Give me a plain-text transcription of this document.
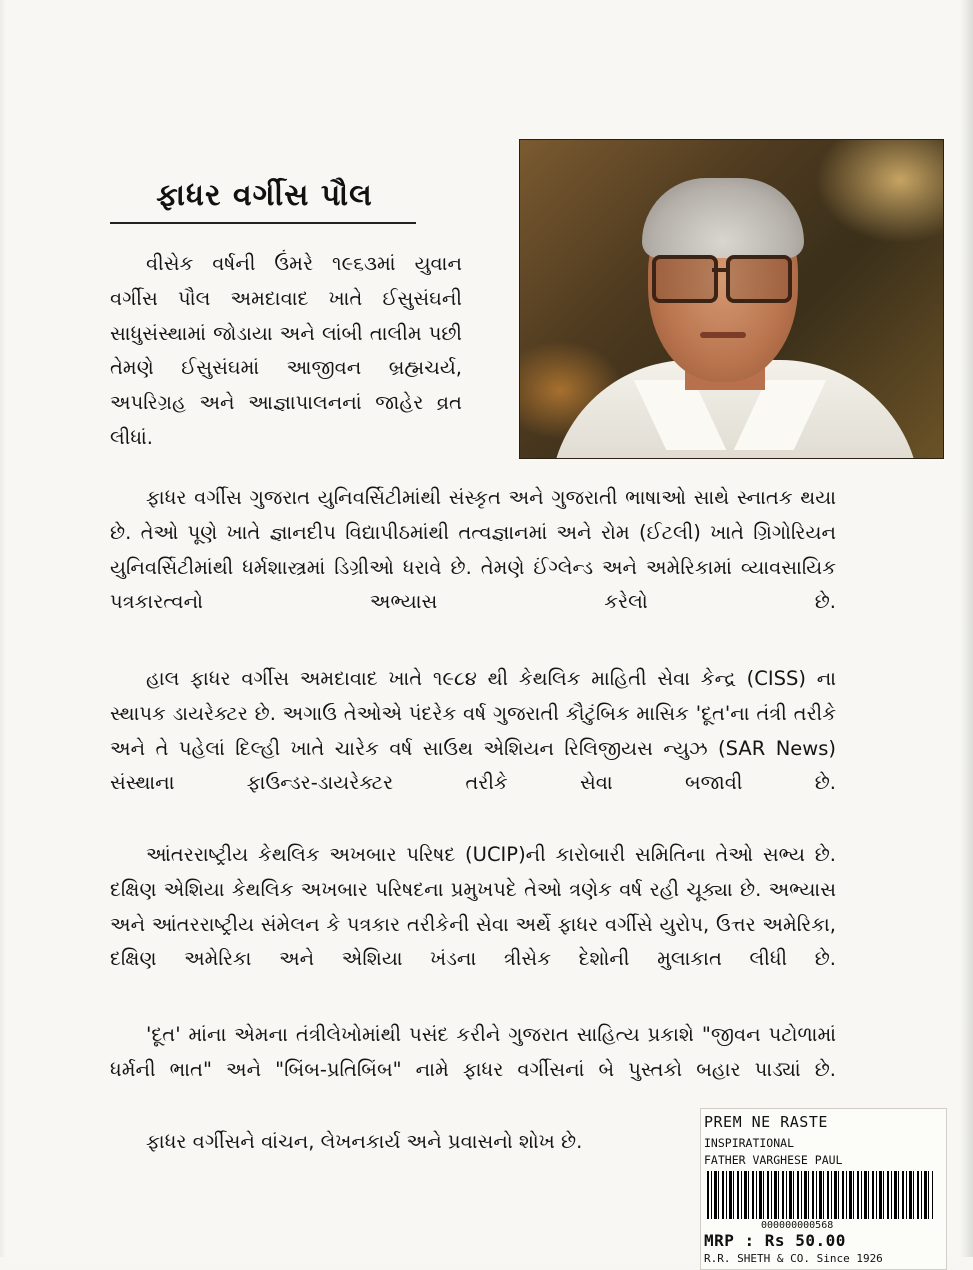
ફાધર વર્ગીસ પૌલ

વીસેક વર્ષની ઉંમરે ૧૯૬૩માં યુવાન વર્ગીસ પૌલ અમદાવાદ ખાતે ઈસુસંઘની સાધુસંસ્થામાં જોડાયા અને લાંબી તાલીમ પછી તેમણે ઈસુસંઘમાં આજીવન બ્રહ્મચર્ય, અપરિગ્રહ અને આજ્ઞાપાલનનાં જાહેર વ્રત લીધાં.

ફાધર વર્ગીસ ગુજરાત યુનિવર્સિટીમાંથી સંસ્કૃત અને ગુજરાતી ભાષાઓ સાથે સ્નાતક થયા છે. તેઓ પૂણે ખાતે જ્ઞાનદીપ વિદ્યાપીઠમાંથી તત્વજ્ઞાનમાં અને રોમ (ઈટલી) ખાતે ગ્રિગોરિયન યુનિવર્સિટીમાંથી ધર્મશાસ્ત્રમાં ડિગ્રીઓ ધરાવે છે. તેમણે ઈંગ્લેન્ડ અને અમેરિકામાં વ્યાવસાયિક પત્રકારત્વનો અભ્યાસ કરેલો છે.

હાલ ફાધર વર્ગીસ અમદાવાદ ખાતે ૧૯૮૪ થી કેથલિક માહિતી સેવા કેન્દ્ર (CISS) ના સ્થાપક ડાયરેક્ટર છે. અગાઉ તેઓએ પંદરેક વર્ષ ગુજરાતી કૌટુંબિક માસિક 'દૂત'ના તંત્રી તરીકે અને તે પહેલાં દિલ્હી ખાતે ચારેક વર્ષ સાઉથ એશિયન રિલિજીયસ ન્યુઝ (SAR News) સંસ્થાના ફાઉન્ડર-ડાયરેક્ટર તરીકે સેવા બજાવી છે.

આંતરરાષ્ટ્રીય કેથલિક અખબાર પરિષદ (UCIP)ની કારોબારી સમિતિના તેઓ સભ્ય છે. દક્ષિણ એશિયા કેથલિક અખબાર પરિષદના પ્રમુખપદે તેઓ ત્રણેક વર્ષ રહી ચૂક્યા છે. અભ્યાસ અને આંતરરાષ્ટ્રીય સંમેલન કે પત્રકાર તરીકેની સેવા અર્થે ફાધર વર્ગીસે યુરોપ, ઉત્તર અમેરિકા, દક્ષિણ અમેરિકા અને એશિયા ખંડના ત્રીસેક દેશોની મુલાકાત લીધી છે.

'દૂત' માંના એમના તંત્રીલેખોમાંથી પસંદ કરીને ગુજરાત સાહિત્ય પ્રકાશે "જીવન પટોળામાં ધર્મની ભાત" અને "બિંબ-પ્રતિબિંબ" નામે ફાધર વર્ગીસનાં બે પુસ્તકો બહાર પાડ્યાં છે.

ફાધર વર્ગીસને વાંચન, લેખનકાર્ય અને પ્રવાસનો શોખ છે.

PREM NE RASTE
INSPIRATIONAL
FATHER VARGHESE PAUL
000000000568
MRP : Rs 50.00
R.R. SHETH & CO. Since 1926
